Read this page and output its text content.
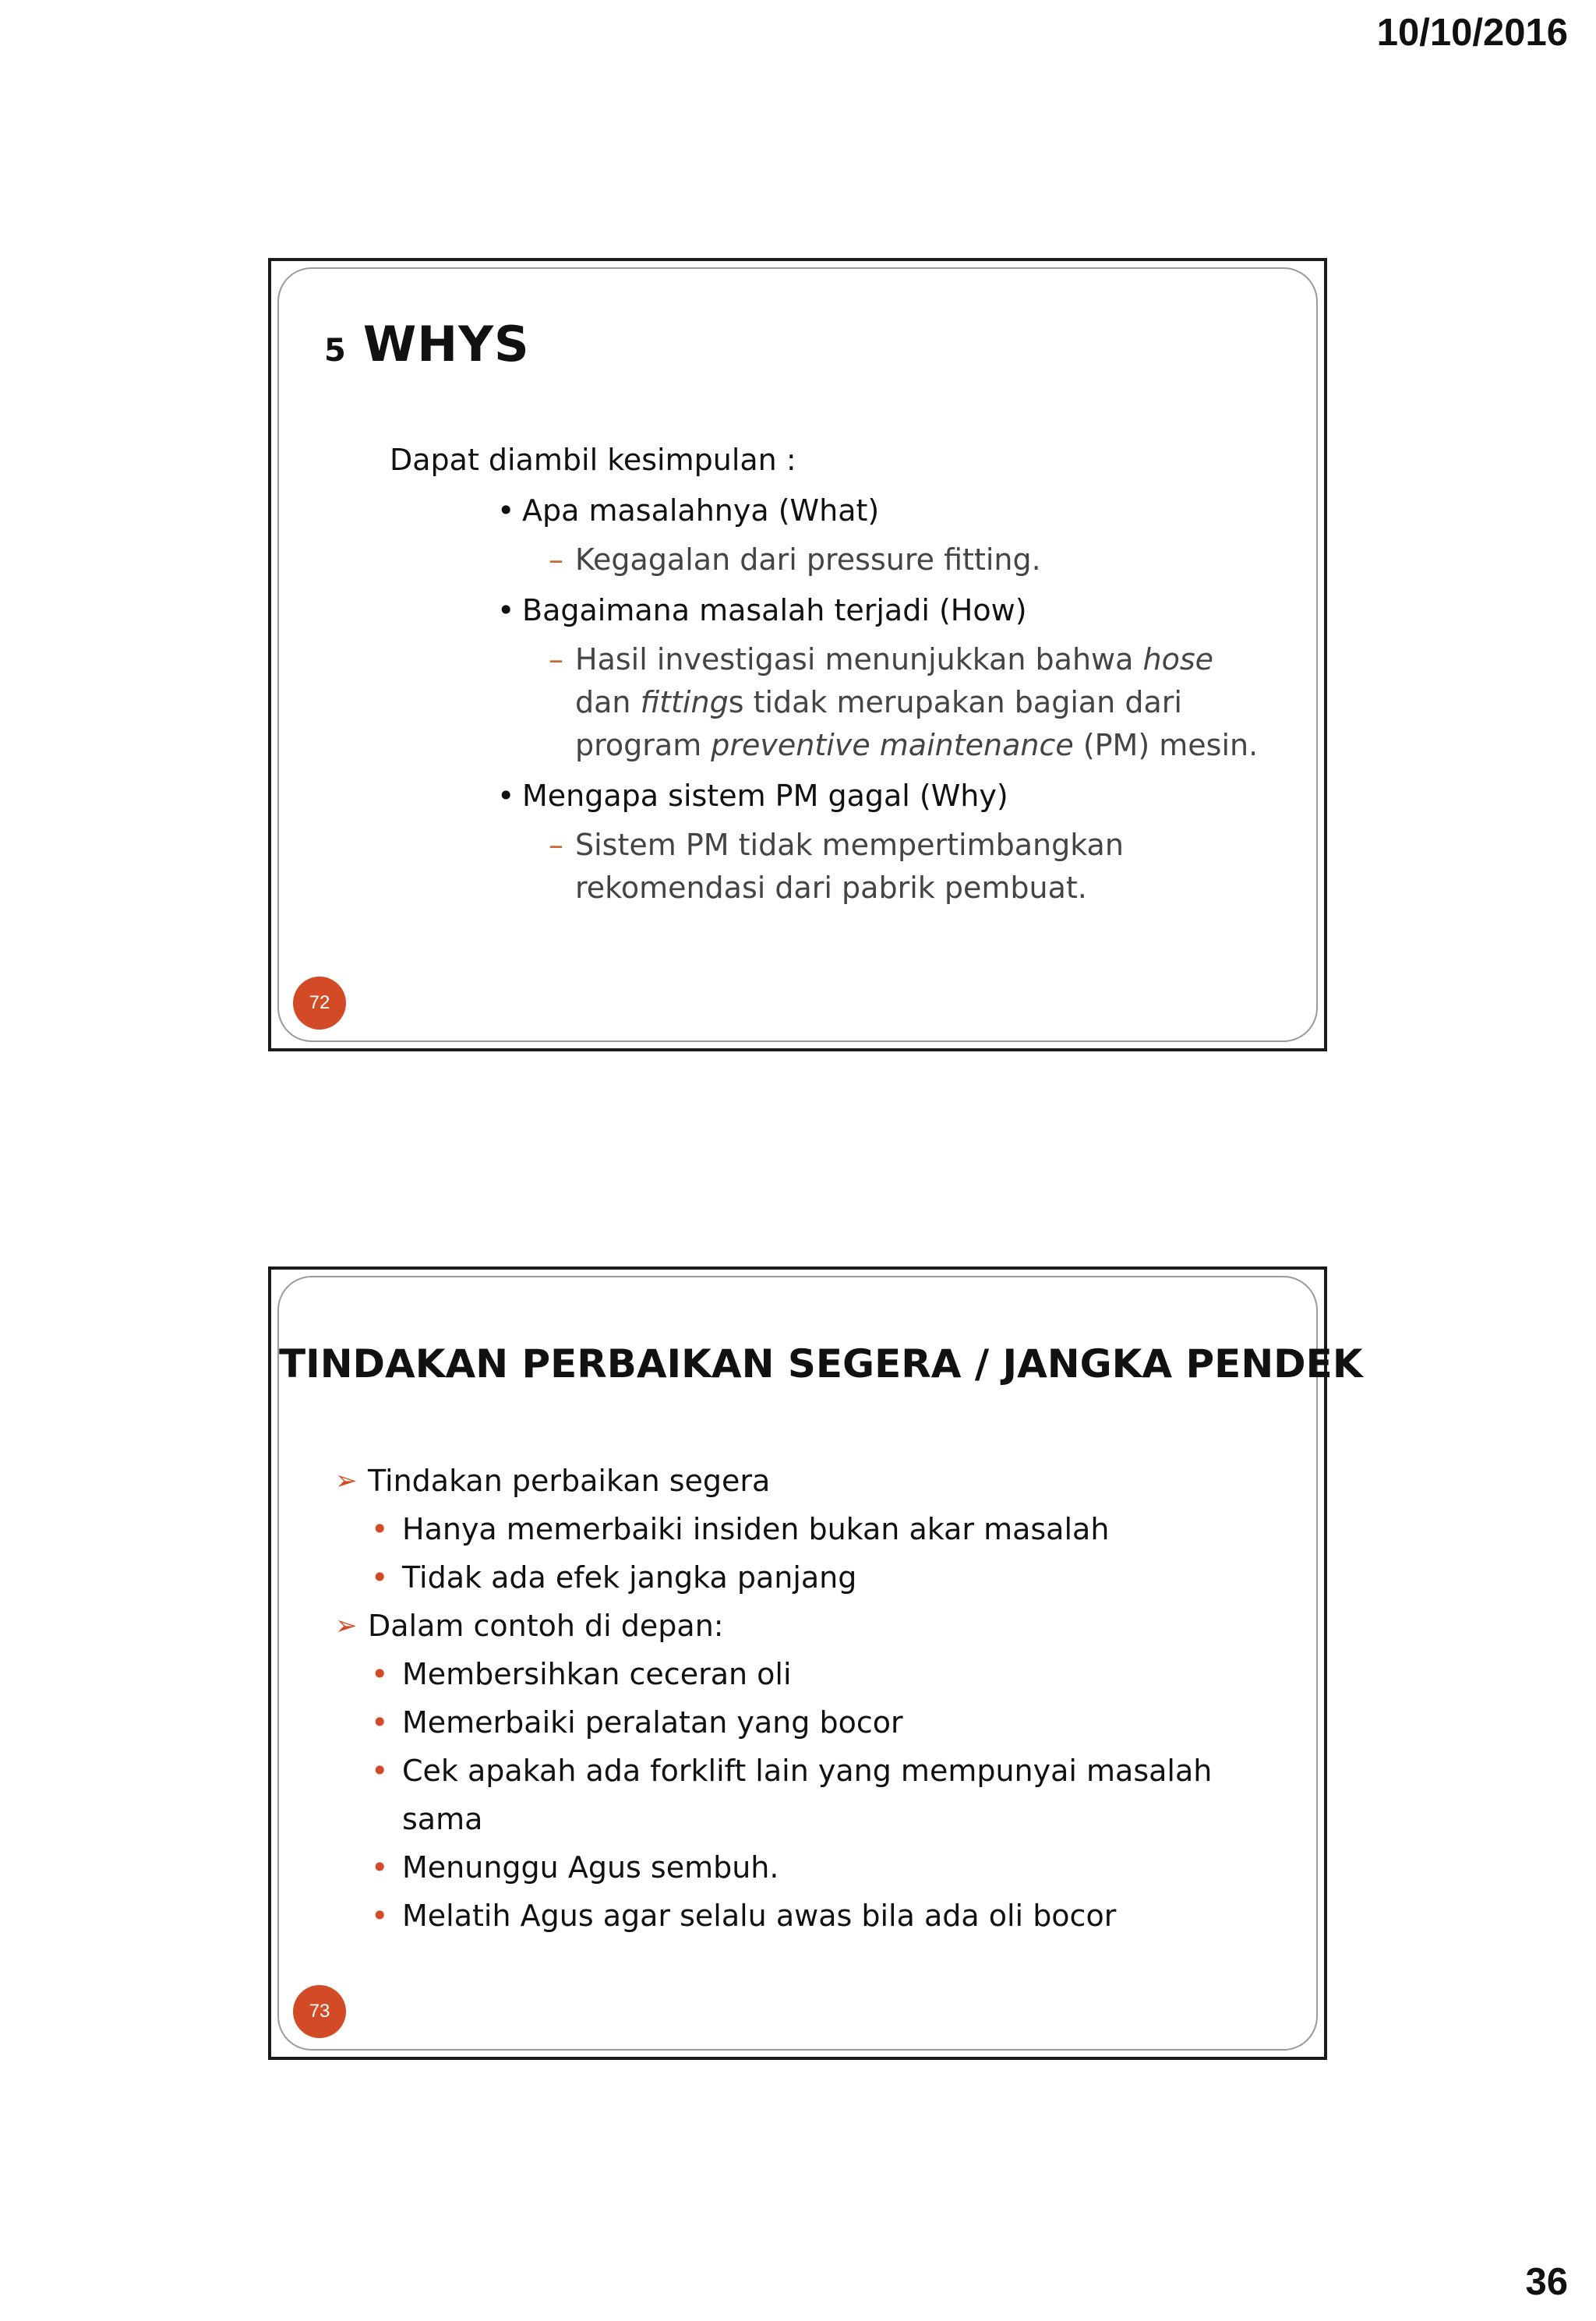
10/10/2016
5 WHYS
Dapat diambil kesimpulan :
• Apa masalahnya (What)
– Kegagalan dari pressure fitting.
• Bagaimana masalah terjadi (How)
– Hasil investigasi menunjukkan bahwa hose dan fittings tidak merupakan bagian dari program preventive maintenance (PM) mesin.
• Mengapa sistem PM gagal (Why)
– Sistem PM tidak mempertimbangkan rekomendasi dari pabrik pembuat.
72
TINDAKAN PERBAIKAN SEGERA / JANGKA PENDEK
➢ Tindakan perbaikan segera
• Hanya memerbaiki insiden bukan akar masalah
• Tidak ada efek jangka panjang
➢ Dalam contoh di depan:
• Membersihkan ceceran oli
• Memerbaiki peralatan yang bocor
• Cek apakah ada forklift lain yang mempunyai masalah sama
• Menunggu Agus sembuh.
• Melatih Agus agar selalu awas bila ada oli bocor
73
36
